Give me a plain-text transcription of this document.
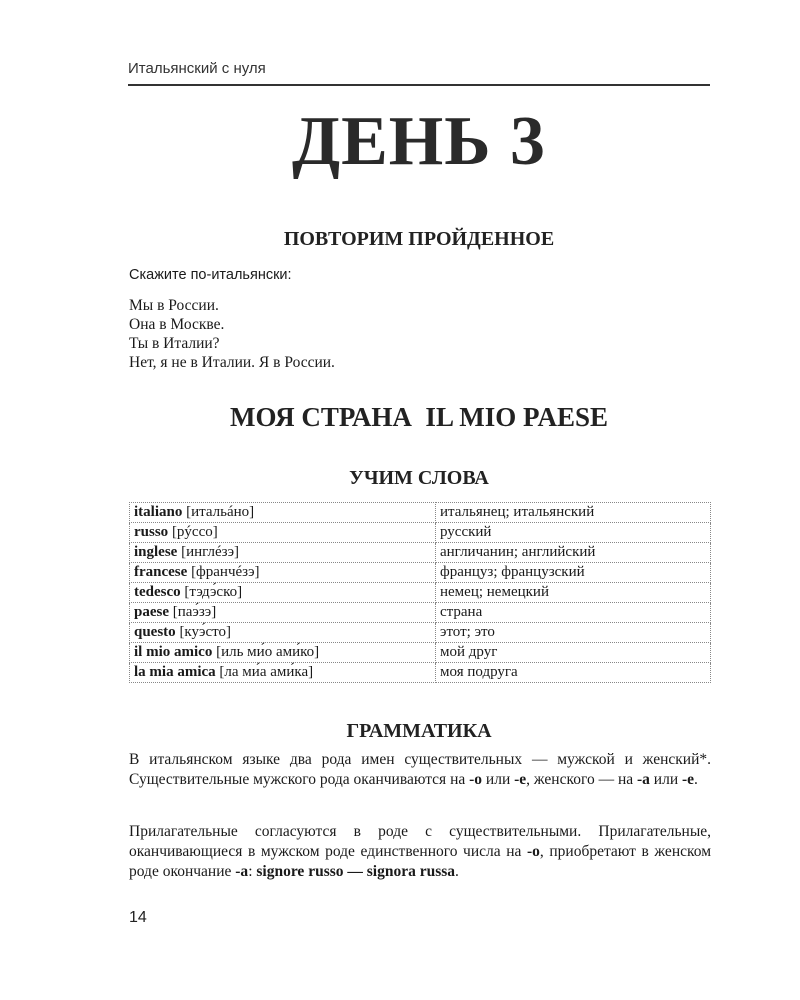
Итальянский с нуля
ДЕНЬ 3
ПОВТОРИМ ПРОЙДЕННОЕ
Скажите по-итальянски:
Мы в России.
Она в Москве.
Ты в Италии?
Нет, я не в Италии. Я в России.
МОЯ СТРАНА  IL MIO PAESE
УЧИМ СЛОВА
italiano [итальáно]	итальянец; итальянский
russo [рýссо]	русский
inglese [инглéзэ]	англичанин; английский
francese [франчéзэ]	француз; французский
tedesco [тэдэ́ско]	немец; немецкий
paese [паэ́зэ]	страна
questo [куэ́сто]	этот; это
il mio amico [иль ми́о ами́ко]	мой друг
la mia amica [ла ми́а ами́ка]	моя подруга
ГРАММАТИКА
В итальянском языке два рода имен существительных — мужской и женский*. Существительные мужского рода оканчиваются на -o или -e, женского — на -a или -e.
Прилагательные согласуются в роде с существительными. Прилагательные, оканчивающиеся в мужском роде единственного числа на -o, приобретают в женском роде окончание -a: signore russo — signora russa.
14
